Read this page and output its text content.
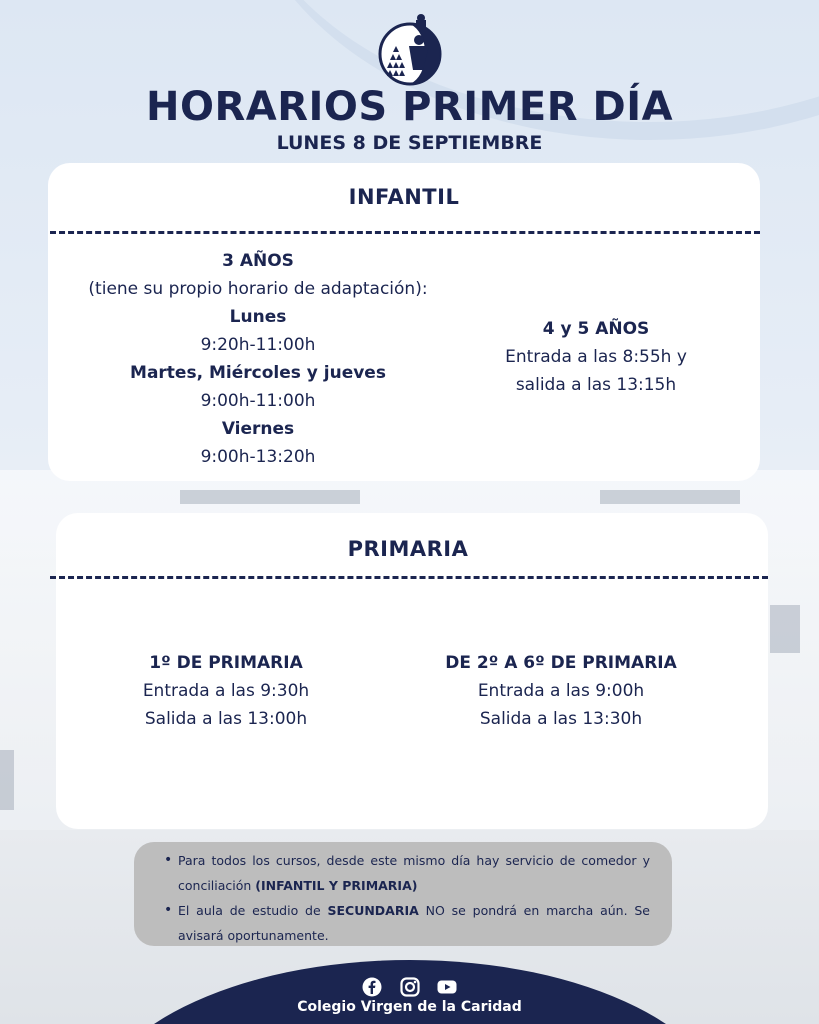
HORARIOS PRIMER DÍA
LUNES 8 DE SEPTIEMBRE
INFANTIL
3 AÑOS
(tiene su propio horario de adaptación):
Lunes
9:20h-11:00h
Martes, Miércoles y jueves
9:00h-11:00h
Viernes
9:00h-13:20h
4 y 5 AÑOS
Entrada a las 8:55h y
salida a las 13:15h
PRIMARIA
1º DE PRIMARIA
Entrada a las 9:30h
Salida a las 13:00h
DE 2º A 6º DE PRIMARIA
Entrada a las 9:00h
Salida a las 13:30h
• Para todos los cursos, desde este mismo día hay servicio de comedor y conciliación (INFANTIL Y PRIMARIA)
• El aula de estudio de SECUNDARIA NO se pondrá en marcha aún. Se avisará oportunamente.

Colegio Virgen de la Caridad
